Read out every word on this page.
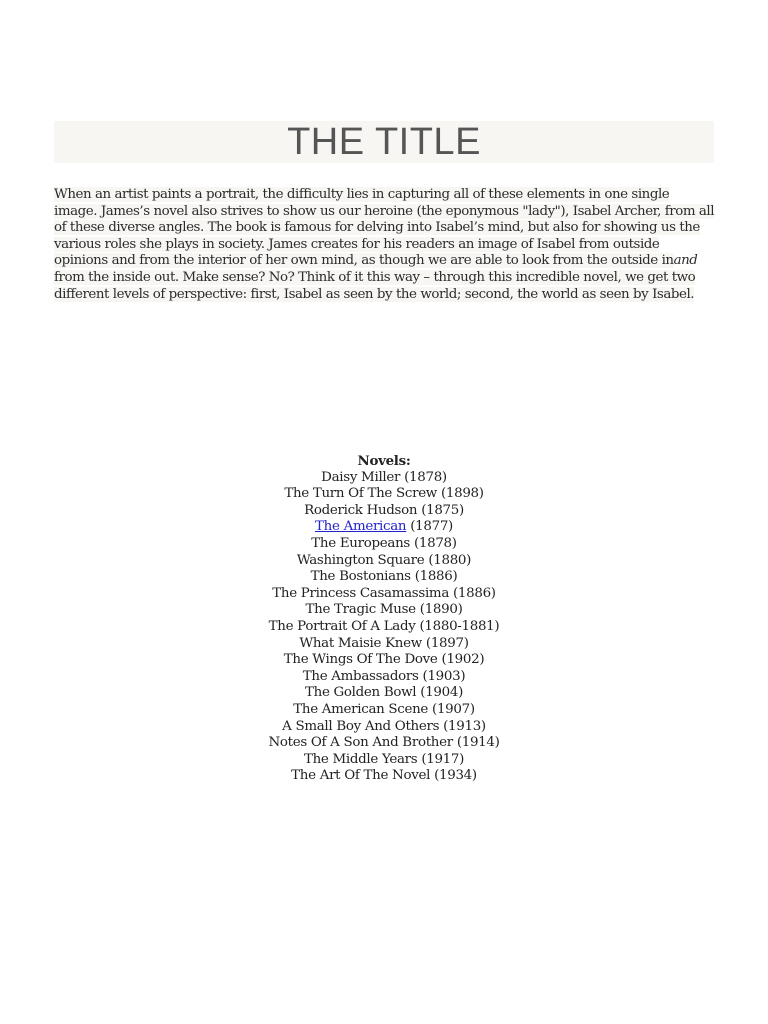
THE TITLE

When an artist paints a portrait, the difficulty lies in capturing all of these elements in one single image. James’s novel also strives to show us our heroine (the eponymous "lady"), Isabel Archer, from all of these diverse angles. The book is famous for delving into Isabel’s mind, but also for showing us the various roles she plays in society. James creates for his readers an image of Isabel from outside opinions and from the interior of her own mind, as though we are able to look from the outside inand from the inside out. Make sense? No? Think of it this way – through this incredible novel, we get two different levels of perspective: first, Isabel as seen by the world; second, the world as seen by Isabel.

Novels:
Daisy Miller (1878)
The Turn Of The Screw (1898)
Roderick Hudson (1875)
The American (1877)
The Europeans (1878)
Washington Square (1880)
The Bostonians (1886)
The Princess Casamassima (1886)
The Tragic Muse (1890)
The Portrait Of A Lady (1880-1881)
What Maisie Knew (1897)
The Wings Of The Dove (1902)
The Ambassadors (1903)
The Golden Bowl (1904)
The American Scene (1907)
A Small Boy And Others (1913)
Notes Of A Son And Brother (1914)
The Middle Years (1917)
The Art Of The Novel (1934)
